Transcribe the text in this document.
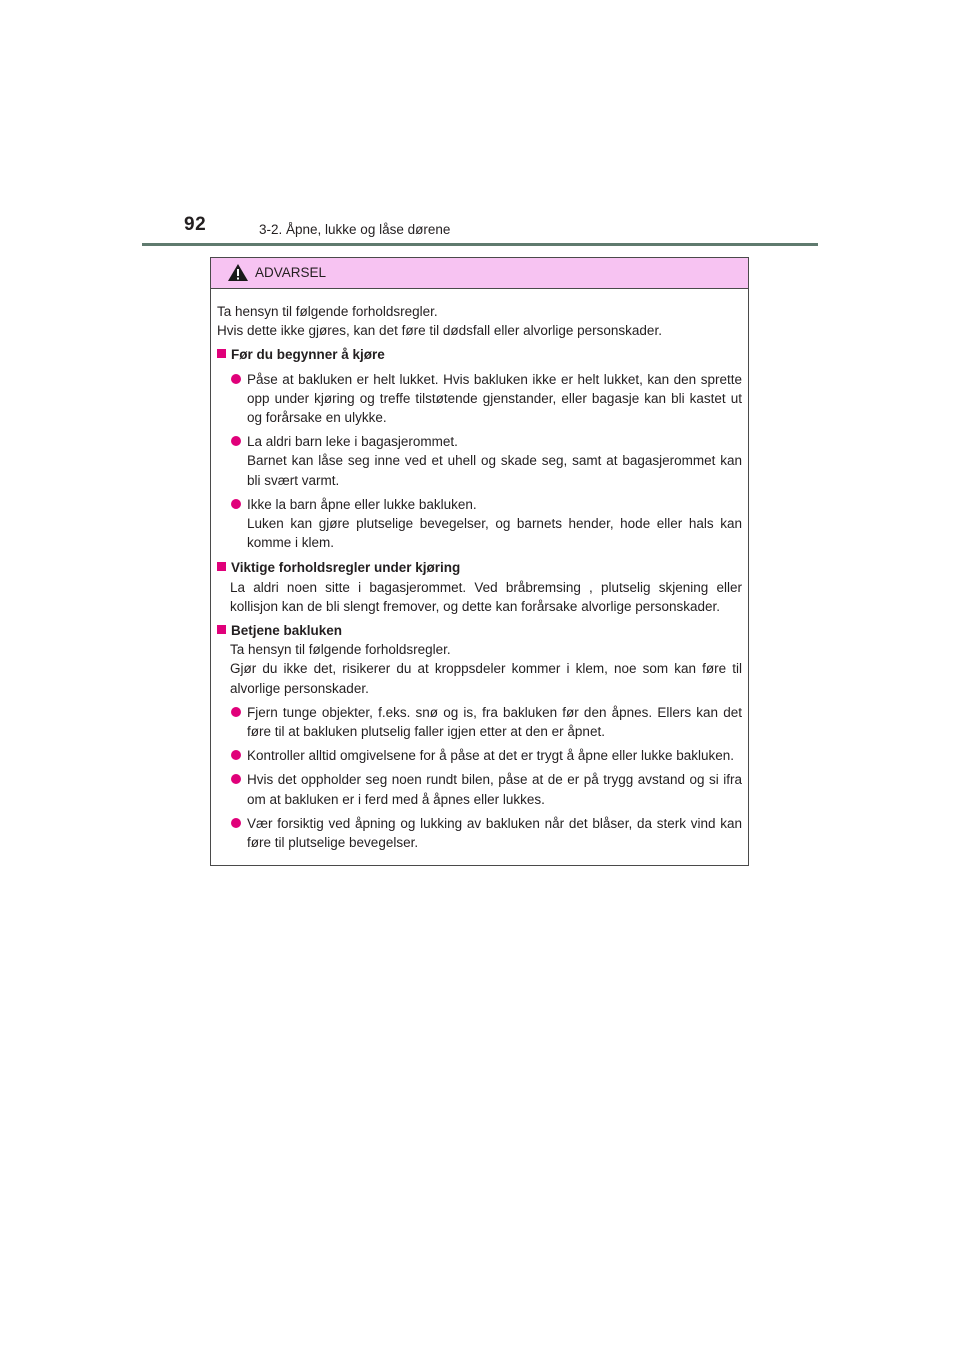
92	3-2. Åpne, lukke og låse dørene
ADVARSEL

Ta hensyn til følgende forholdsregler.

Hvis dette ikke gjøres, kan det føre til dødsfall eller alvorlige personskader.

Før du begynner å kjøre

Påse at bakluken er helt lukket. Hvis bakluken ikke er helt lukket, kan den sprette opp under kjøring og treffe tilstøtende gjenstander, eller bagasje kan bli kastet ut og forårsake en ulykke.

La aldri barn leke i bagasjerommet.

Barnet kan låse seg inne ved et uhell og skade seg, samt at bagasjerommet kan bli svært varmt.

Ikke la barn åpne eller lukke bakluken.

Luken kan gjøre plutselige bevegelser, og barnets hender, hode eller hals kan komme i klem.

Viktige forholdsregler under kjøring

La aldri noen sitte i bagasjerommet. Ved bråbremsing , plutselig skjening eller kollisjon kan de bli slengt fremover, og dette kan forårsake alvorlige personskader.

Betjene bakluken

Ta hensyn til følgende forholdsregler.

Gjør du ikke det, risikerer du at kroppsdeler kommer i klem, noe som kan føre til alvorlige personskader.

Fjern tunge objekter, f.eks. snø og is, fra bakluken før den åpnes. Ellers kan det føre til at bakluken plutselig faller igjen etter at den er åpnet.

Kontroller alltid omgivelsene for å påse at det er trygt å åpne eller lukke bakluken.

Hvis det oppholder seg noen rundt bilen, påse at de er på trygg avstand og si ifra om at bakluken er i ferd med å åpnes eller lukkes.

Vær forsiktig ved åpning og lukking av bakluken når det blåser, da sterk vind kan føre til plutselige bevegelser.
